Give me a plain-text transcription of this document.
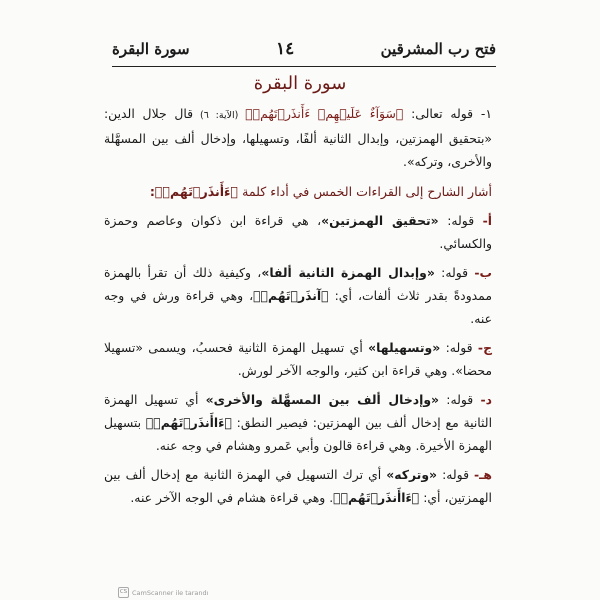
فتح رب المشرقين
١٤
سورة البقرة
سورة البقرة

١- قوله تعالى: ﴿سَوَآءٌ عَلَيۡهِمۡ ءَأَنذَرۡتَهُمۡ﴾ (الآية: ٦) قال جلال الدين: «بتحقيق الهمزتين، وإبدال الثانية ألفًا، وتسهيلها، وإدخال ألف بين المسهَّلة والأخرى، وتركه».

أشار الشارح إلى القراءات الخمس في أداء كلمة ﴿ءَأَنذَرۡتَهُمۡ﴾:

أ- قوله: «تحقيق الهمزتين»، هي قراءة ابن ذكوان وعاصم وحمزة والكسائي.

ب- قوله: «وإبدال الهمزة الثانية ألفا»، وكيفية ذلك أن تقرأ بالهمزة ممدودةً بقدر ثلاث ألفات، أي: ﴿آنذَرۡتَهُمۡ﴾، وهي قراءة ورش في وجه عنه.

ج- قوله: «وتسهيلها» أي تسهيل الهمزة الثانية فحسبُ، ويسمى «تسهيلا محضا». وهي قراءة ابن كثير، والوجه الآخر لورش.

د- قوله: «وإدخال ألف بين المسهَّلة والأخرى» أي تسهيل الهمزة الثانية مع إدخال ألف بين الهمزتين: فيصير النطق: ﴿ءَاأَنذَرۡتَهُمۡ﴾ بتسهيل الهمزة الأخيرة. وهي قراءة قالون وأبي عَمرو وهشام في وجه عنه.

هـ- قوله: «وتركه» أي ترك التسهيل في الهمزة الثانية مع إدخال ألف بين الهمزتين، أي: ﴿ءَاأَنذَرۡتَهُمۡ﴾. وهي قراءة هشام في الوجه الآخر عنه.

CS CamScanner ile tarandı
